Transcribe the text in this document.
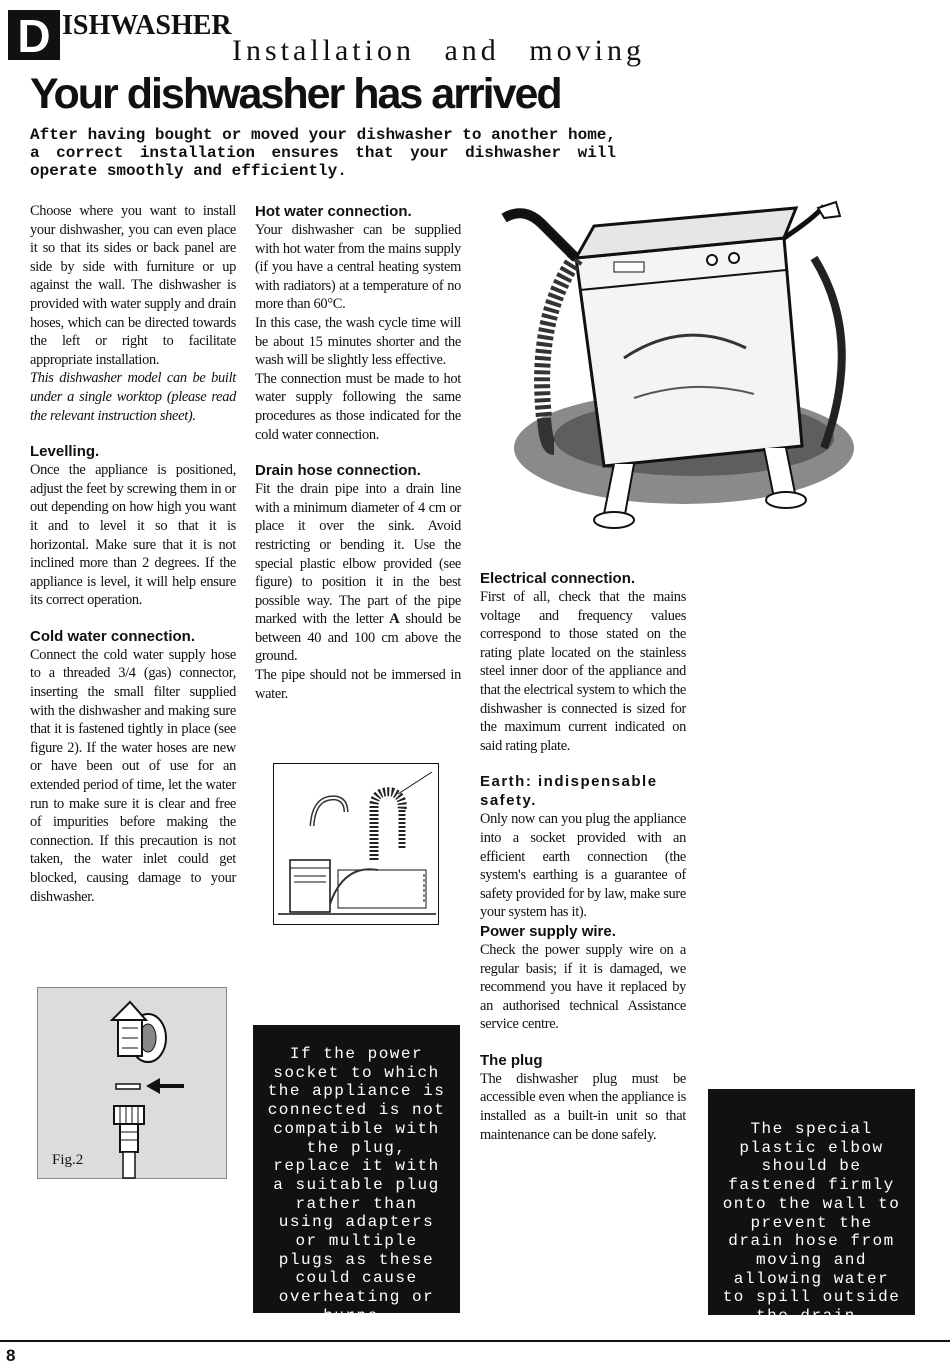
D ISHWASHER
Installation and moving
Your dishwasher has arrived
After having bought or moved your dishwasher to another home, a correct installation ensures that your dishwasher will operate smoothly and efficiently.

Choose where you want to install your dishwasher, you can even place it so that its sides or back panel are side by side with furniture or up against the wall. The dishwasher is provided with water supply and drain hoses, which can be directed towards the left or right to facilitate appropriate installation.

This dishwasher model can be built under a single worktop (please read the relevant instruction sheet).

Levelling.

Once the appliance is positioned, adjust the feet by screwing them in or out depending on how high you want it and to level it so that it is horizontal. Make sure that it is not inclined more than 2 degrees. If the appliance is level, it will help ensure its correct operation.

Cold water connection.

Connect the cold water supply hose to a threaded 3/4 (gas) connector, inserting the small filter supplied with the dishwasher and making sure that it is fastened tightly in place (see figure 2). If the water hoses are new or have been out of use for an extended period of time, let the water run to make sure it is clear and free of impurities before making the connection. If this precaution is not taken, the water inlet could get blocked, causing damage to your dishwasher.

Fig.2
Hot water connection.

Your dishwasher can be supplied with hot water from the mains supply (if you have a central heating system with radiators) at a temperature of no more than 60°C.

In this case, the wash cycle time will be about 15 minutes shorter and the wash will be slightly less effective.

The connection must be made to hot water supply following the same procedures as those indicated for the cold water connection.

Drain hose connection.

Fit the drain pipe into a drain line with a minimum diameter of 4 cm or place it over the sink. Avoid restricting or bending it. Use the special plastic elbow provided (see figure) to position it in the best possible way. The part of the pipe marked with the letter A should be between 40 and 100 cm above the ground.

The pipe should not be immersed in water.

If the power socket to which the appliance is connected is not compatible with the plug, replace it with a suitable plug rather than using adapters or multiple plugs as these could cause overheating or burns.
Electrical connection.

First of all, check that the mains voltage and frequency values correspond to those stated on the rating plate located on the stainless steel inner door of the appliance and that the electrical system to which the dishwasher is connected is sized for the maximum current indicated on said rating plate.

Earth: indispensable safety.

Only now can you plug the appliance into a socket provided with an efficient earth connection (the system's earthing is a guarantee of safety provided for by law, make sure your system has it).

Power supply wire.

Check the power supply wire on a regular basis; if it is damaged, we recommend you have it replaced by an authorised technical Assistance service centre.

The plug

The dishwasher plug must be accessible even when the appliance is installed as a built-in unit so that maintenance can be done safely.	The special plastic elbow should be fastened firmly onto the wall to prevent the drain hose from moving and allowing water to spill outside the drain.
8
